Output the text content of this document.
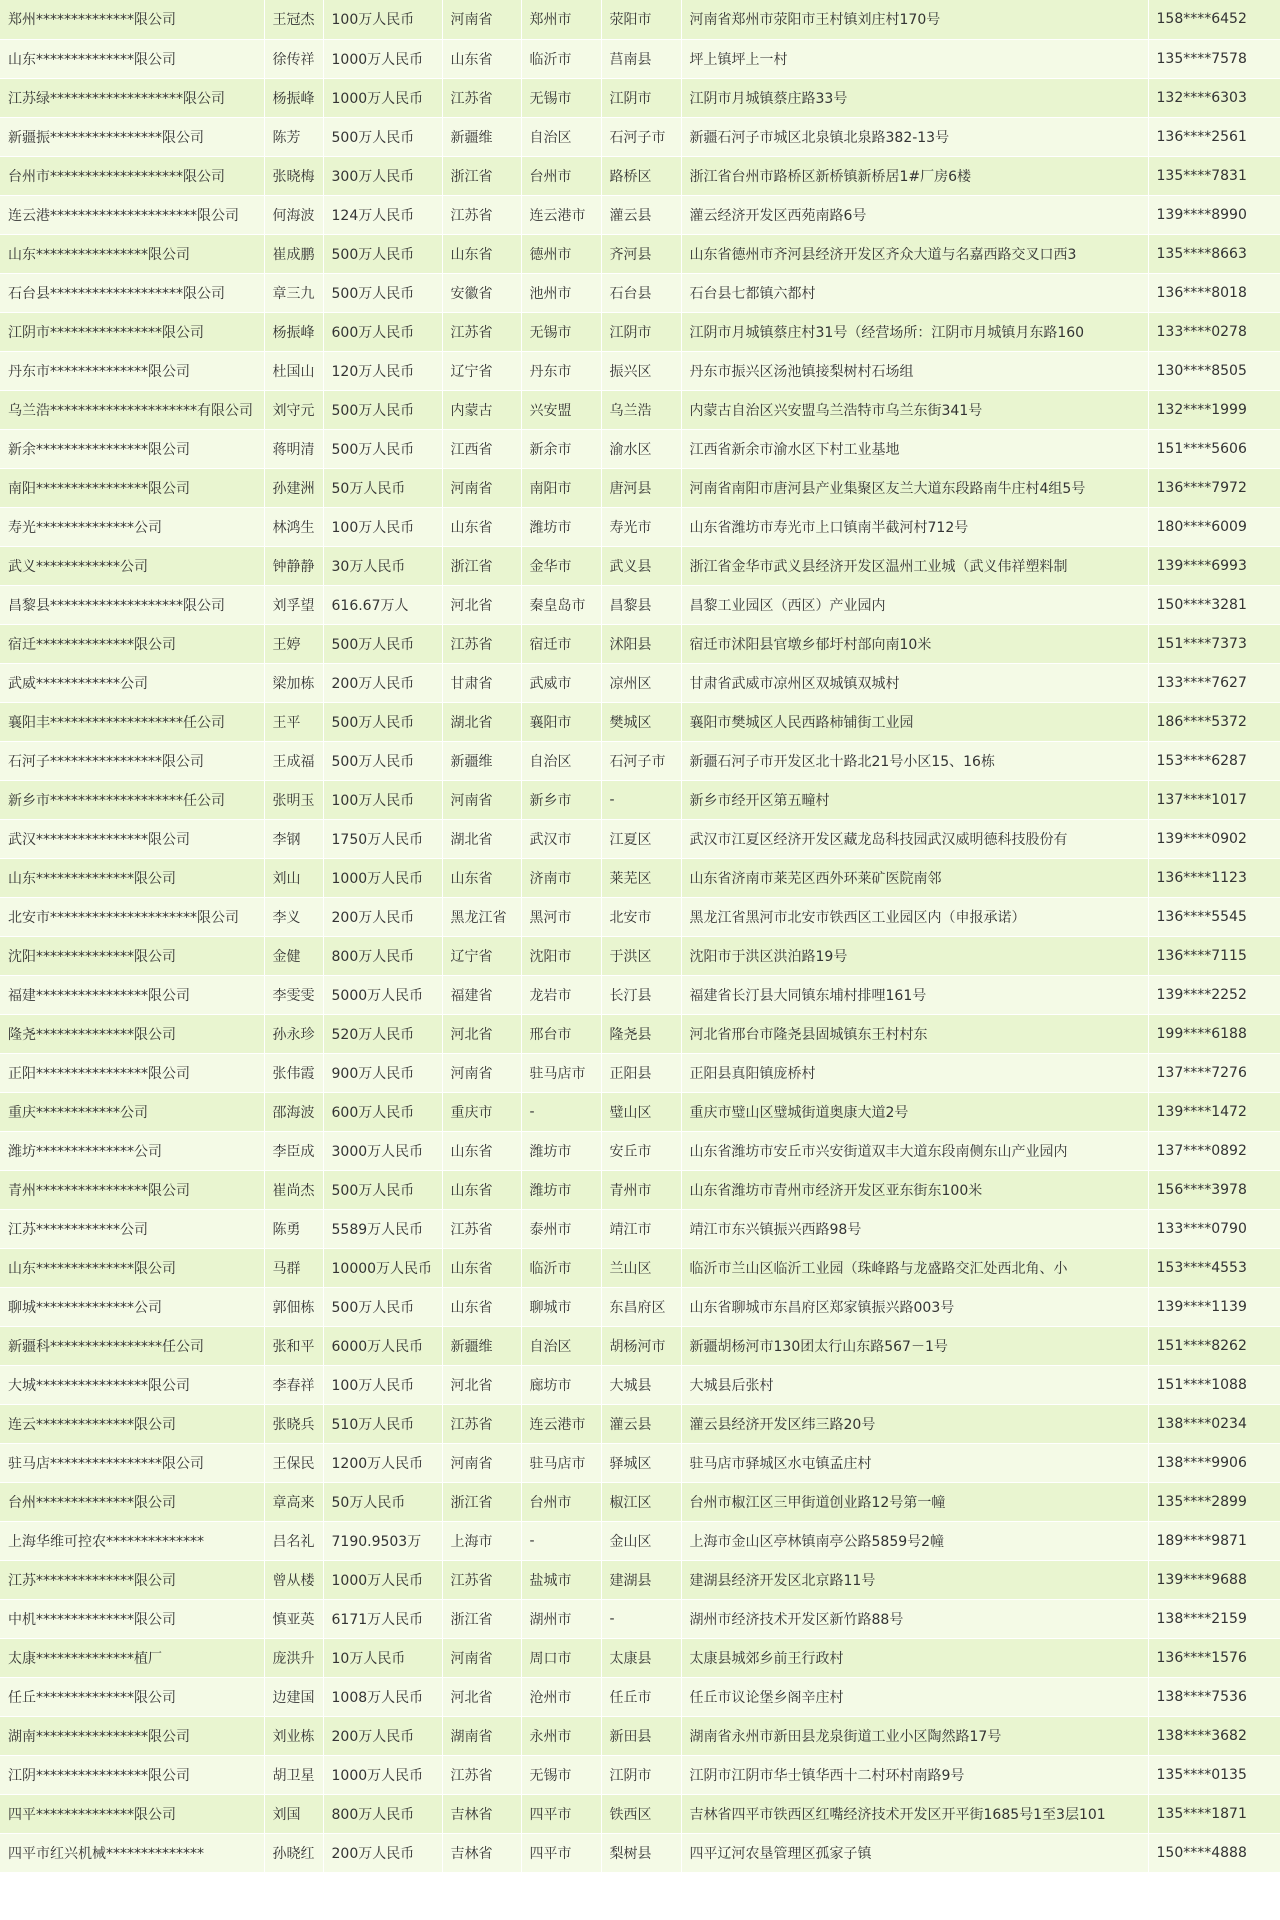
郑州**************限公司	王冠杰	100万人民币	河南省	郑州市	荥阳市	河南省郑州市荥阳市王村镇刘庄村170号	158****6452
山东**************限公司	徐传祥	1000万人民币	山东省	临沂市	莒南县	坪上镇坪上一村	135****7578
江苏绿*******************限公司	杨振峰	1000万人民币	江苏省	无锡市	江阴市	江阴市月城镇蔡庄路33号	132****6303
新疆振****************限公司	陈芳	500万人民币	新疆维	自治区	石河子市	新疆石河子市城区北泉镇北泉路382-13号	136****2561
台州市*******************限公司	张晓梅	300万人民币	浙江省	台州市	路桥区	浙江省台州市路桥区新桥镇新桥居1#厂房6楼	135****7831
连云港*********************限公司	何海波	124万人民币	江苏省	连云港市	灌云县	灌云经济开发区西苑南路6号	139****8990
山东****************限公司	崔成鹏	500万人民币	山东省	德州市	齐河县	山东省德州市齐河县经济开发区齐众大道与名嘉西路交叉口西3	135****8663
石台县*******************限公司	章三九	500万人民币	安徽省	池州市	石台县	石台县七都镇六都村	136****8018
江阴市****************限公司	杨振峰	600万人民币	江苏省	无锡市	江阴市	江阴市月城镇蔡庄村31号（经营场所：江阴市月城镇月东路160	133****0278
丹东市**************限公司	杜国山	120万人民币	辽宁省	丹东市	振兴区	丹东市振兴区汤池镇接梨树村石场组	130****8505
乌兰浩*********************有限公司	刘守元	500万人民币	内蒙古	兴安盟	乌兰浩	内蒙古自治区兴安盟乌兰浩特市乌兰东街341号	132****1999
新余****************限公司	蒋明清	500万人民币	江西省	新余市	渝水区	江西省新余市渝水区下村工业基地	151****5606
南阳****************限公司	孙建洲	50万人民币	河南省	南阳市	唐河县	河南省南阳市唐河县产业集聚区友兰大道东段路南牛庄村4组5号	136****7972
寿光**************公司	林鸿生	100万人民币	山东省	潍坊市	寿光市	山东省潍坊市寿光市上口镇南半截河村712号	180****6009
武义************公司	钟静静	30万人民币	浙江省	金华市	武义县	浙江省金华市武义县经济开发区温州工业城（武义伟祥塑料制	139****6993
昌黎县*******************限公司	刘孚望	616.67万人	河北省	秦皇岛市	昌黎县	昌黎工业园区（西区）产业园内	150****3281
宿迁**************限公司	王婷	500万人民币	江苏省	宿迁市	沭阳县	宿迁市沭阳县官墩乡郁圩村部向南10米	151****7373
武威************公司	梁加栋	200万人民币	甘肃省	武威市	凉州区	甘肃省武威市凉州区双城镇双城村	133****7627
襄阳丰*******************任公司	王平	500万人民币	湖北省	襄阳市	樊城区	襄阳市樊城区人民西路柿铺街工业园	186****5372
石河子****************限公司	王成福	500万人民币	新疆维	自治区	石河子市	新疆石河子市开发区北十路北21号小区15、16栋	153****6287
新乡市*******************任公司	张明玉	100万人民币	河南省	新乡市	-	新乡市经开区第五疃村	137****1017
武汉****************限公司	李钢	1750万人民币	湖北省	武汉市	江夏区	武汉市江夏区经济开发区藏龙岛科技园武汉威明德科技股份有	139****0902
山东**************限公司	刘山	1000万人民币	山东省	济南市	莱芜区	山东省济南市莱芜区西外环莱矿医院南邻	136****1123
北安市*********************限公司	李义	200万人民币	黑龙江省	黑河市	北安市	黑龙江省黑河市北安市铁西区工业园区内（申报承诺）	136****5545
沈阳**************限公司	金健	800万人民币	辽宁省	沈阳市	于洪区	沈阳市于洪区洪泊路19号	136****7115
福建****************限公司	李雯雯	5000万人民币	福建省	龙岩市	长汀县	福建省长汀县大同镇东埔村排哩161号	139****2252
隆尧**************限公司	孙永珍	520万人民币	河北省	邢台市	隆尧县	河北省邢台市隆尧县固城镇东王村村东	199****6188
正阳****************限公司	张伟霞	900万人民币	河南省	驻马店市	正阳县	正阳县真阳镇庞桥村	137****7276
重庆************公司	邵海波	600万人民币	重庆市	-	璧山区	重庆市璧山区璧城街道奥康大道2号	139****1472
潍坊**************公司	李臣成	3000万人民币	山东省	潍坊市	安丘市	山东省潍坊市安丘市兴安街道双丰大道东段南侧东山产业园内	137****0892
青州****************限公司	崔尚杰	500万人民币	山东省	潍坊市	青州市	山东省潍坊市青州市经济开发区亚东街东100米	156****3978
江苏************公司	陈勇	5589万人民币	江苏省	泰州市	靖江市	靖江市东兴镇振兴西路98号	133****0790
山东**************限公司	马群	10000万人民币	山东省	临沂市	兰山区	临沂市兰山区临沂工业园（珠峰路与龙盛路交汇处西北角、小	153****4553
聊城**************公司	郭佃栋	500万人民币	山东省	聊城市	东昌府区	山东省聊城市东昌府区郑家镇振兴路003号	139****1139
新疆科****************任公司	张和平	6000万人民币	新疆维	自治区	胡杨河市	新疆胡杨河市130团太行山东路567－1号	151****8262
大城****************限公司	李春祥	100万人民币	河北省	廊坊市	大城县	大城县后张村	151****1088
连云**************限公司	张晓兵	510万人民币	江苏省	连云港市	灌云县	灌云县经济开发区纬三路20号	138****0234
驻马店****************限公司	王保民	1200万人民币	河南省	驻马店市	驿城区	驻马店市驿城区水屯镇孟庄村	138****9906
台州**************限公司	章高来	50万人民币	浙江省	台州市	椒江区	台州市椒江区三甲街道创业路12号第一幢	135****2899
上海华维可控农**************	吕名礼	7190.9503万	上海市	-	金山区	上海市金山区亭林镇南亭公路5859号2幢	189****9871
江苏**************限公司	曾从楼	1000万人民币	江苏省	盐城市	建湖县	建湖县经济开发区北京路11号	139****9688
中机**************限公司	慎亚英	6171万人民币	浙江省	湖州市	-	湖州市经济技术开发区新竹路88号	138****2159
太康**************植厂	庞洪升	10万人民币	河南省	周口市	太康县	太康县城郊乡前王行政村	136****1576
任丘**************限公司	边建国	1008万人民币	河北省	沧州市	任丘市	任丘市议论堡乡阁辛庄村	138****7536
湖南****************限公司	刘业栋	200万人民币	湖南省	永州市	新田县	湖南省永州市新田县龙泉街道工业小区陶然路17号	138****3682
江阴****************限公司	胡卫星	1000万人民币	江苏省	无锡市	江阴市	江阴市江阴市华士镇华西十二村环村南路9号	135****0135
四平**************限公司	刘国	800万人民币	吉林省	四平市	铁西区	吉林省四平市铁西区红嘴经济技术开发区开平街1685号1至3层101	135****1871
四平市红兴机械**************	孙晓红	200万人民币	吉林省	四平市	梨树县	四平辽河农垦管理区孤家子镇	150****4888
